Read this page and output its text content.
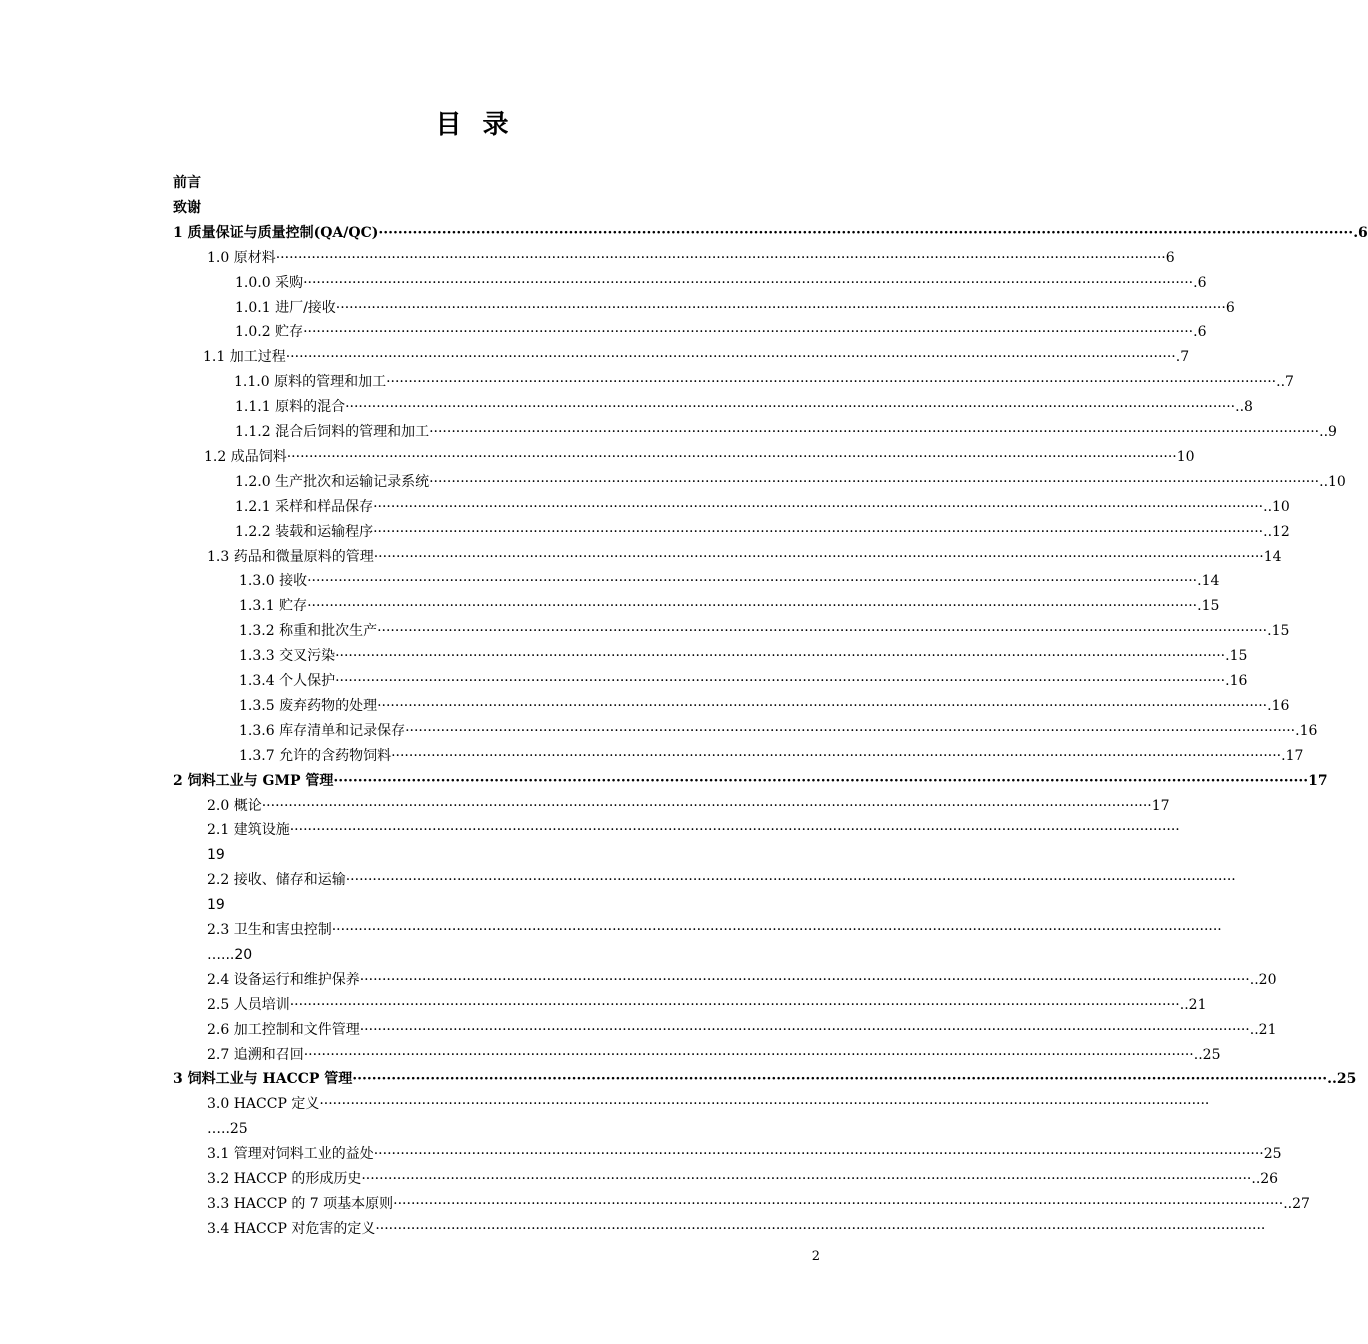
目 录
前言
致谢
1 质量保证与质量控制(QA/QC) ········································································································································································································ .6
1.0 原材料 ········································································································································································································ 6
1.0.0 采购 ········································································································································································································ .6
1.0.1 进厂/接收 ········································································································································································································ 6
1.0.2 贮存 ········································································································································································································ .6
1.1 加工过程 ········································································································································································································ .7
1.1.0 原料的管理和加工 ········································································································································································································ ..7
1.1.1 原料的混合 ········································································································································································································ ..8
1.1.2 混合后饲料的管理和加工 ········································································································································································································ ..9
1.2 成品饲料 ········································································································································································································ 10
1.2.0 生产批次和运输记录系统 ········································································································································································································ ..10
1.2.1 采样和样品保存 ········································································································································································································ ..10
1.2.2 装载和运输程序 ········································································································································································································ ..12
1.3 药品和微量原料的管理 ········································································································································································································ 14
1.3.0 接收 ········································································································································································································ .14
1.3.1 贮存 ········································································································································································································ .15
1.3.2 称重和批次生产 ········································································································································································································ .15
1.3.3 交叉污染 ········································································································································································································ .15
1.3.4 个人保护 ········································································································································································································ .16
1.3.5 废弃药物的处理 ········································································································································································································ .16
1.3.6 库存清单和记录保存 ········································································································································································································ .16
1.3.7 允许的含药物饲料 ········································································································································································································ .17
2 饲料工业与 GMP 管理 ········································································································································································································ 17
2.0 概论 ········································································································································································································ 17
2.1 建筑设施 ········································································································································································································
19
2.2 接收、储存和运输 ········································································································································································································
19
2.3 卫生和害虫控制 ········································································································································································································
…...20
2.4 设备运行和维护保养 ········································································································································································································ ..20
2.5 人员培训 ········································································································································································································ ..21
2.6 加工控制和文件管理 ········································································································································································································ ..21
2.7 追溯和召回 ········································································································································································································ ..25
3 饲料工业与 HACCP 管理 ········································································································································································································ ..25
3.0 HACCP 定义 ········································································································································································································
…..25
3.1 管理对饲料工业的益处 ········································································································································································································ 25
3.2 HACCP 的形成历史 ········································································································································································································ ..26
3.3 HACCP 的 7 项基本原则 ········································································································································································································ ..27
3.4 HACCP 对危害的定义 ········································································································································································································
2
